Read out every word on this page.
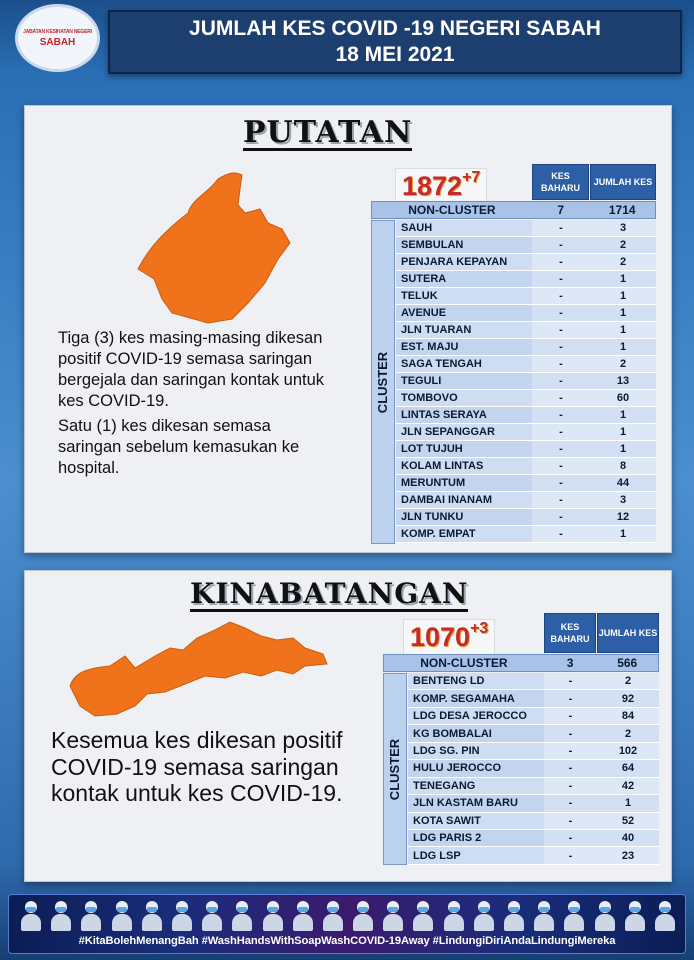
JABATAN KESIHATAN NEGERI
SABAH
JUMLAH KES COVID -19 NEGERI SABAH
18 MEI 2021
PUTATAN

Tiga (3) kes masing-masing dikesan positif COVID-19 semasa saringan bergejala dan saringan kontak untuk kes COVID-19.

Satu (1) kes dikesan semasa saringan sebelum kemasukan ke hospital.

$1872^{+7}$	KES BAHARU
JUMLAH KES
NON-CLUSTER	7	1714
CLUSTER
SAUH	-	3
SEMBULAN	-	2
PENJARA KEPAYAN	-	2
SUTERA	-	1
TELUK	-	1
AVENUE	-	1
JLN TUARAN	-	1
EST. MAJU	-	1
SAGA TENGAH	-	2
TEGULI	-	13
TOMBOVO	-	60
LINTAS SERAYA	-	1
JLN SEPANGGAR	-	1
LOT TUJUH	-	1
KOLAM LINTAS	-	8
MERUNTUM	-	44
DAMBAI INANAM	-	3
JLN TUNKU	-	12
KOMP. EMPAT	-	1
KINABATANGAN
Kesemua kes dikesan positif COVID-19 semasa saringan kontak untuk kes COVID-19.
$1070^{+3}$	KES BAHARU
JUMLAH KES
NON-CLUSTER	3	566
CLUSTER
BENTENG LD	-	2
KOMP. SEGAMAHA	-	92
LDG DESA JEROCCO	-	84
KG BOMBALAI	-	2
LDG SG. PIN	-	102
HULU JEROCCO	-	64
TENEGANG	-	42
JLN KASTAM BARU	-	1
KOTA SAWIT	-	52
LDG PARIS 2	-	40
LDG LSP	-	23
#KitaBolehMenangBah #WashHandsWithSoapWashCOVID-19Away #LindungiDiriAndaLindungiMereka
